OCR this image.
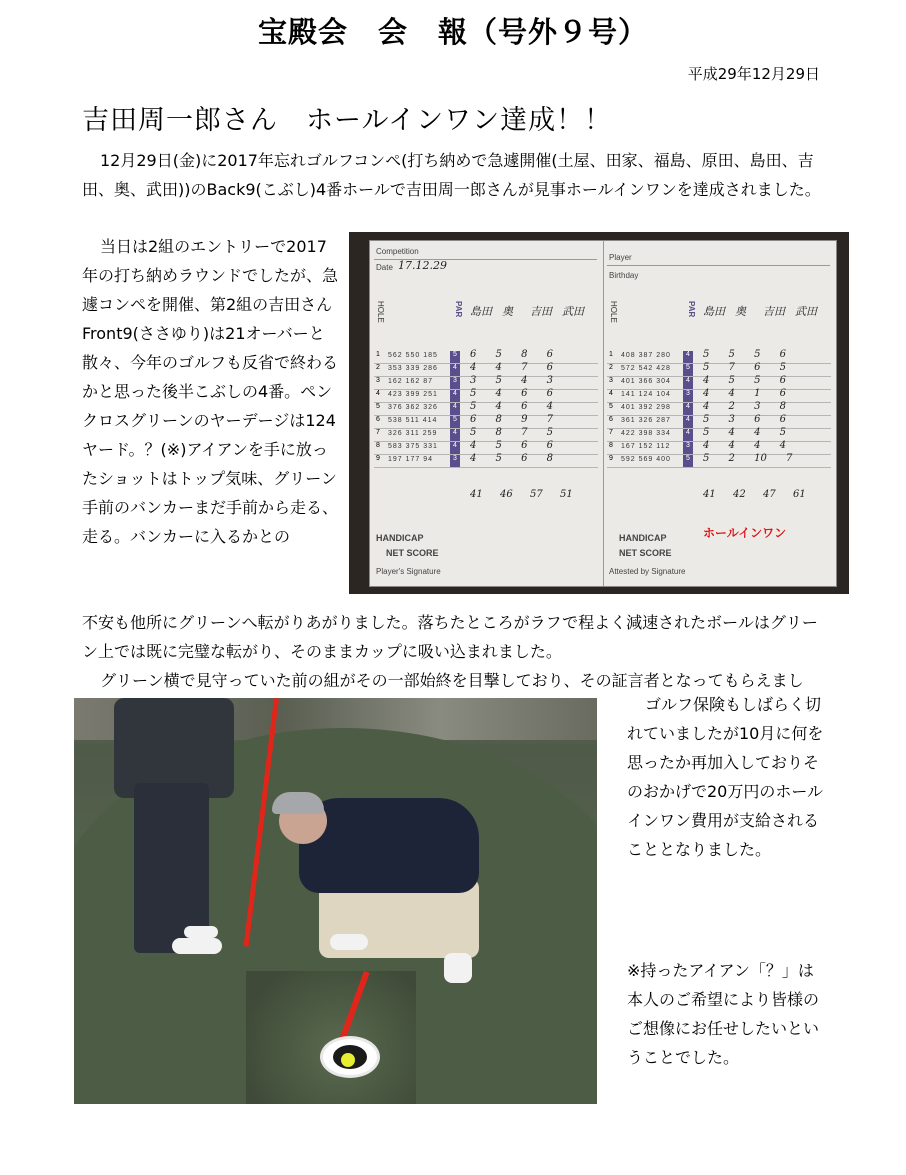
宝殿会　会　報（号外９号）
平成29年12月29日
吉田周一郎さん　ホールインワン達成！！
12月29日(金)に2017年忘れゴルフコンペ(打ち納めで急遽開催(土屋、田家、福島、原田、島田、吉田、奥、武田))のBack9(こぶし)4番ホールで吉田周一郎さんが見事ホールインワンを達成されました。
当日は2組のエントリーで2017年の打ち納めラウンドでしたが、急遽コンペを開催、第2組の吉田さんFront9(ささゆり)は21オーバーと散々、今年のゴルフも反省で終わるかと思った後半こぶしの4番。ペンクロスグリーンのヤーデージは124ヤード。？(※)アイアンを手に放ったショットはトップ気味、グリーン手前のバンカーまだ手前から走る、走る。バンカーに入るかとの
不安も他所にグリーンへ転がりあがりました。落ちたところがラフで程よく減速されたボールはグリーン上では既に完璧な転がり、そのままカップに吸い込まれました。
グリーン横で見守っていた前の組がその一部始終を目撃しており、その証言者となってもらえまし
ゴルフ保険もしばらく切れていましたが10月に何を思ったか再加入しておりそのおかげで20万円のホールインワン費用が支給されることとなりました。
※持ったアイアン「？」は本人のご希望により皆様のご想像にお任せしたいということでした。
Competition
Date 17.12.29
HOLE	PAR 島田 奥 吉田 武田
1	562 550 185	5	6 5 8 6
2	353 339 286	4	4 4 7 6
3	162 162 87	3	3 5 4 3
4	423 399 251	4	5 4 6 6
5	376 362 326	4	5 4 6 4
6	538 511 414	5	6 8 9 7
7	326 311 259	4	5 8 7 5
8	583 375 331	4	4 5 6 6
9	197 177 94	3	4 5 6 8
41 46 57 51
HANDICAP
NET SCORE
Player's Signature
Player
Birthday
HOLE	PAR 島田 奥 吉田 武田
1	408 387 280	4	5 5 5 6
2	572 542 428	5	5 7 6 5
3	401 366 304	4	4 5 5 6
4	141 124 104	3	4 4 1 6
5	401 392 298	4	4 2 3 8
6	361 326 287	4	5 3 6 6
7	422 398 334	4	5 4 4 5
8	167 152 112	3	4 4 4 4
9	592 569 400	5	5 2 10 7
41 42 47 61
HANDICAP	ホールインワン
NET SCORE
Attested by Signature
